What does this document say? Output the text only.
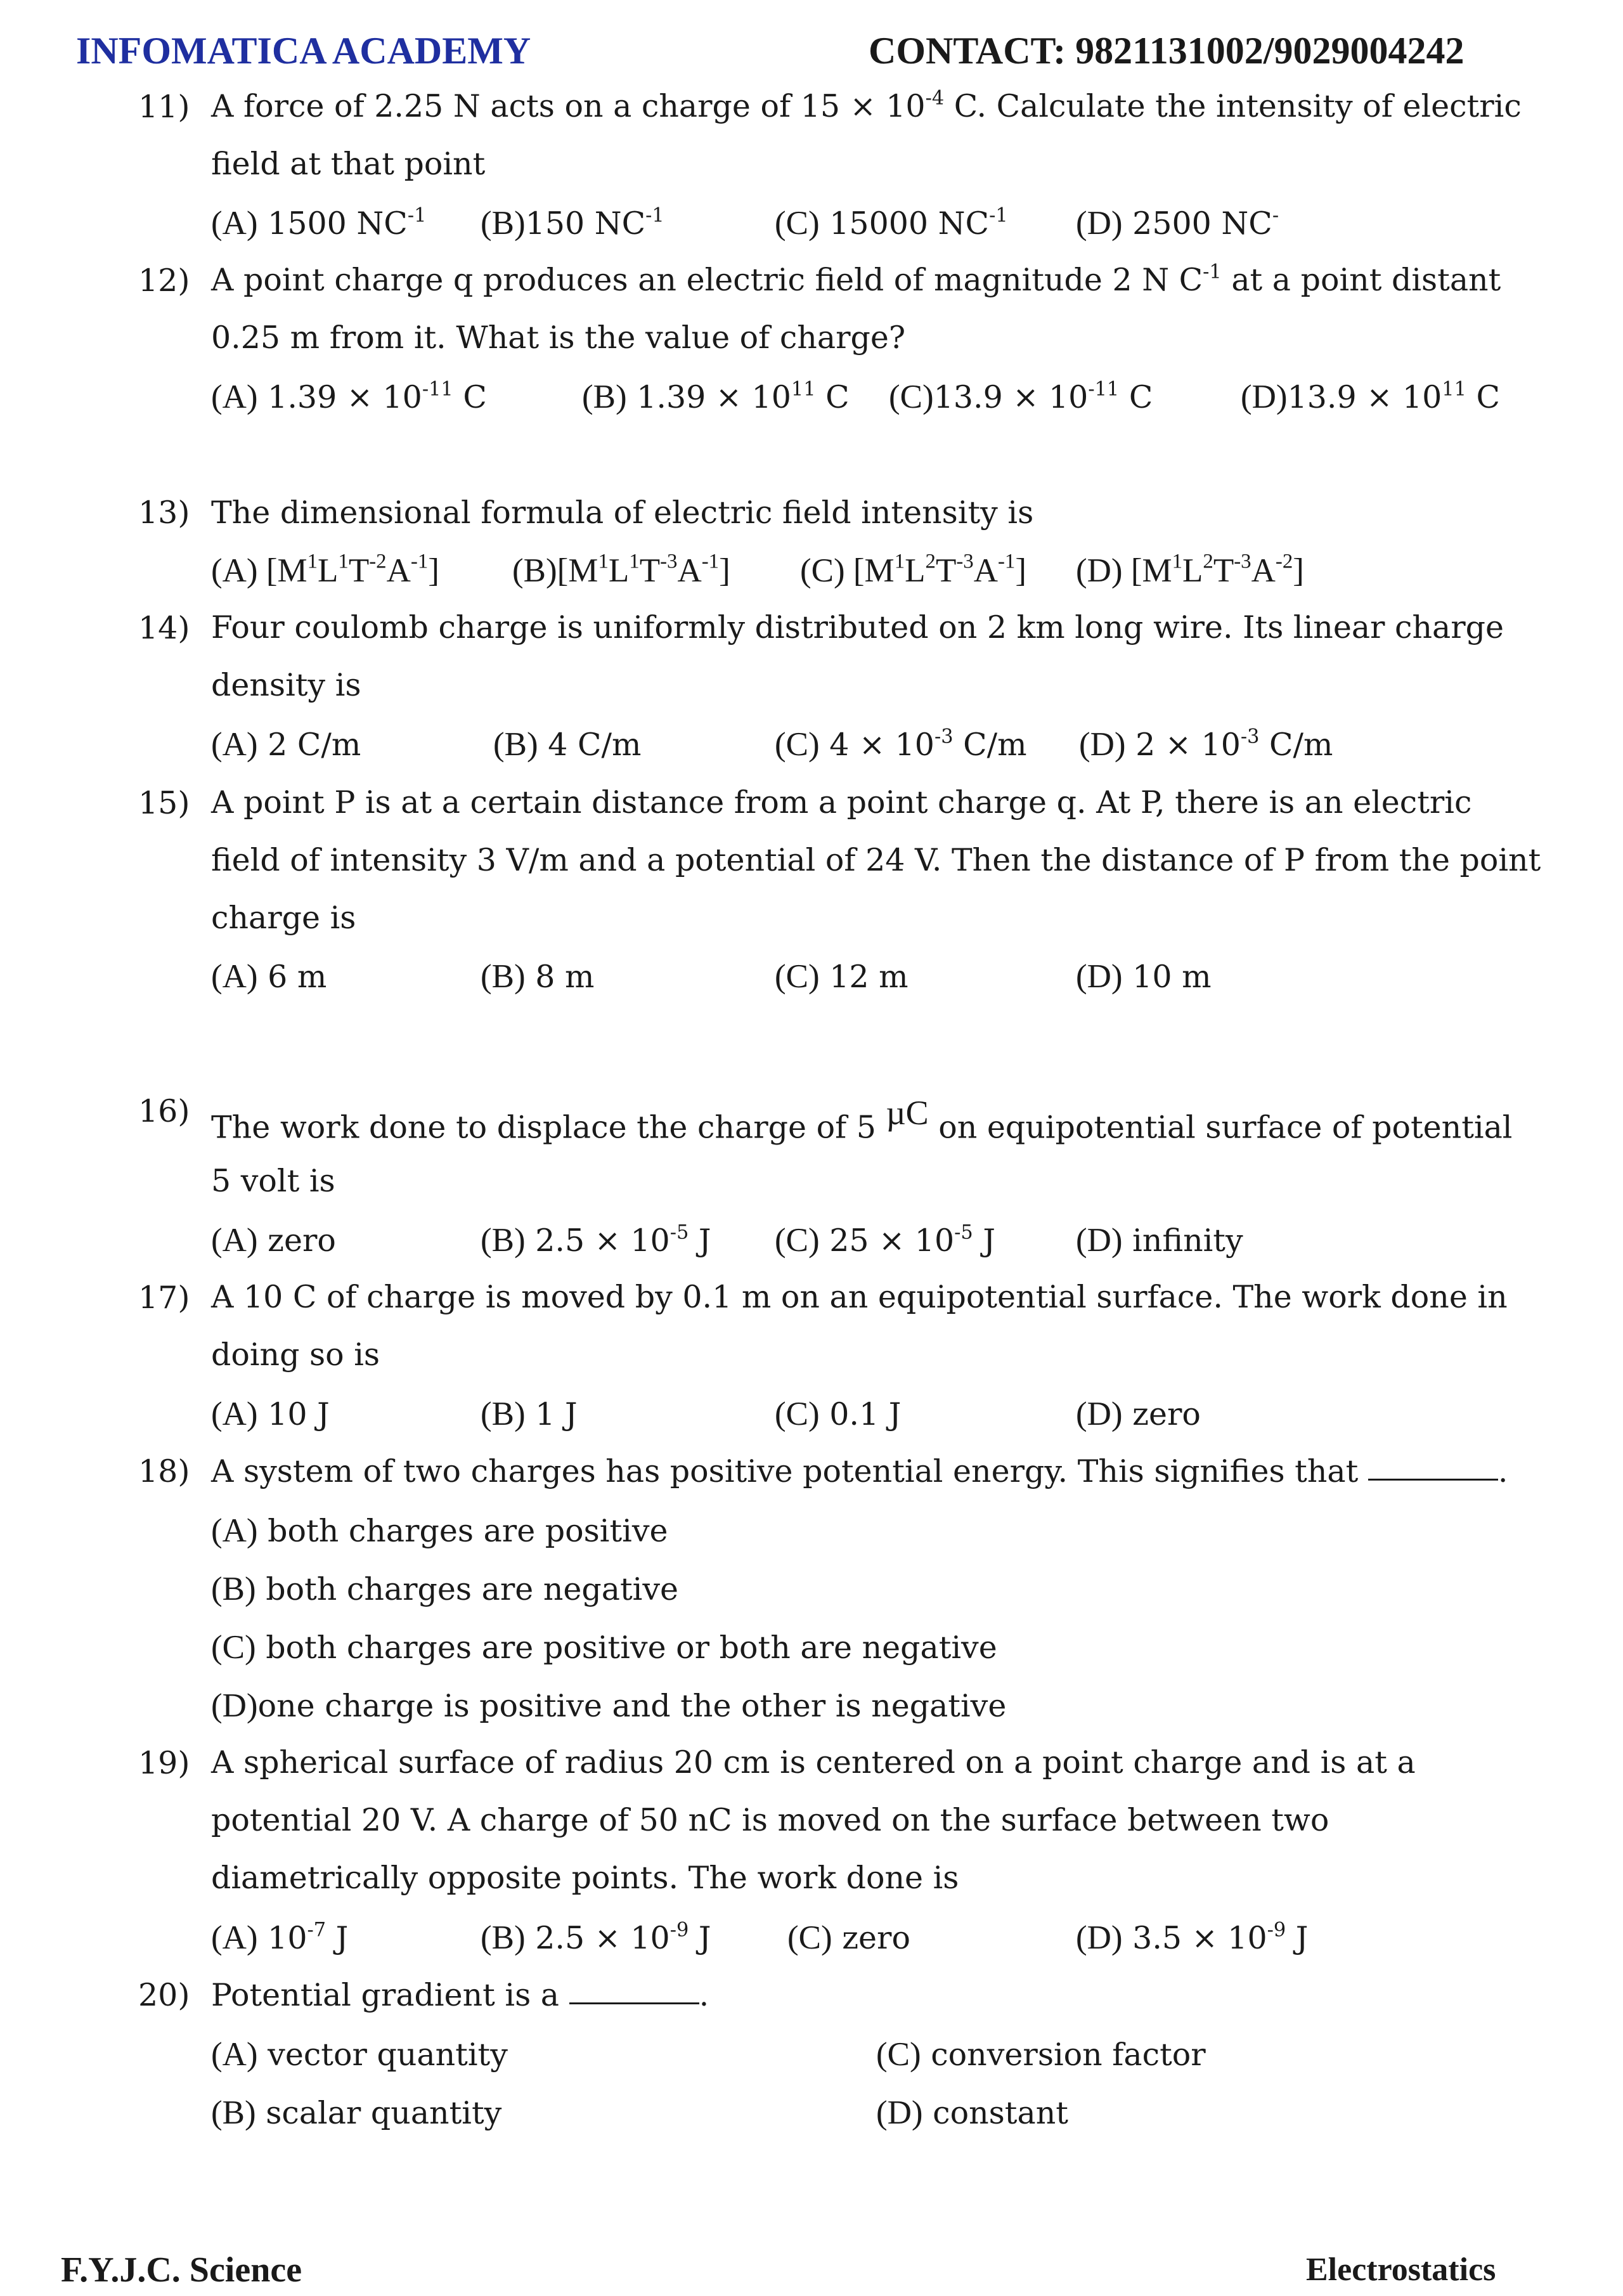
INFOMATICA ACADEMY	CONTACT: 9821131002/9029004242
11) A force of 2.25 N acts on a charge of $15 \times 10^{-4}$ C. Calculate the intensity of electric field at that point
(A) 1500 $NC^{-1}$ (B)150 $NC^{-1}$	(C) 15000 $NC^{-1}$ (D) 2500 NC-
12) A point charge q produces an electric field of magnitude 2 N $C^{-1}$ at a point distant 0.25 m from it. What is the value of charge?
(A) $1.39 \times 10^{-11}$ C	(B) $1.39 \times 10^{11}$ C $(C)13.9 \times 10^{-11}$ C	$(D)13.9 \times 10^{11}$ C
13) The dimensional formula of electric field intensity is
(A) $[M^1L^1T^{-2}A^{-1}]$ $(B)[M^1L^1T^{-3}A^{-1}]$ (C) $[M^1L^2T^{-3}A^{-1}]$ (D) $[M^1L^2T^{-3}A^{-2}]$
14) Four coulomb charge is uniformly distributed on 2 km long wire. Its linear charge density is
(A) 2 C/m	(B) 4 C/m	(C) $4 \times 10^{-3}$ C/m (D) $2 \times 10^{-3}$ C/m
15) A point P is at a certain distance from a point charge q. At P, there is an electric field of intensity 3 V/m and a potential of 24 V. Then the distance of P from the point charge is
(A) 6 m	(B) 8 m	(C) 12 m	(D) 10 m
16) The work done to displace the charge of 5 µC on equipotential surface of potential
5 volt is
(A) zero	(B) $2.5 \times 10^{-5}$ J (C) $25 \times 10^{-5}$ J (D) infinity
17) A 10 C of charge is moved by 0.1 m on an equipotential surface. The work done in doing so is
(A) 10 J	(B) 1 J	(C) 0.1 J	(D) zero
18) A system of two charges has positive potential energy. This signifies that	.
(A) both charges are positive
(B) both charges are negative
(C) both charges are positive or both are negative
(D)one charge is positive and the other is negative
19) A spherical surface of radius 20 cm is centered on a point charge and is at a potential 20 V. A charge of 50 nC is moved on the surface between two diametrically opposite points. The work done is
(A) $10^{-7}$ J	(B) $2.5 \times 10^{-9}$ J (C) zero	(D) $3.5 \times 10^{-9}$ J
20) Potential gradient is a	.
(A) vector quantity	(C) conversion factor
(B) scalar quantity	(D) constant
F.Y.J.C. Science	Electrostatics
